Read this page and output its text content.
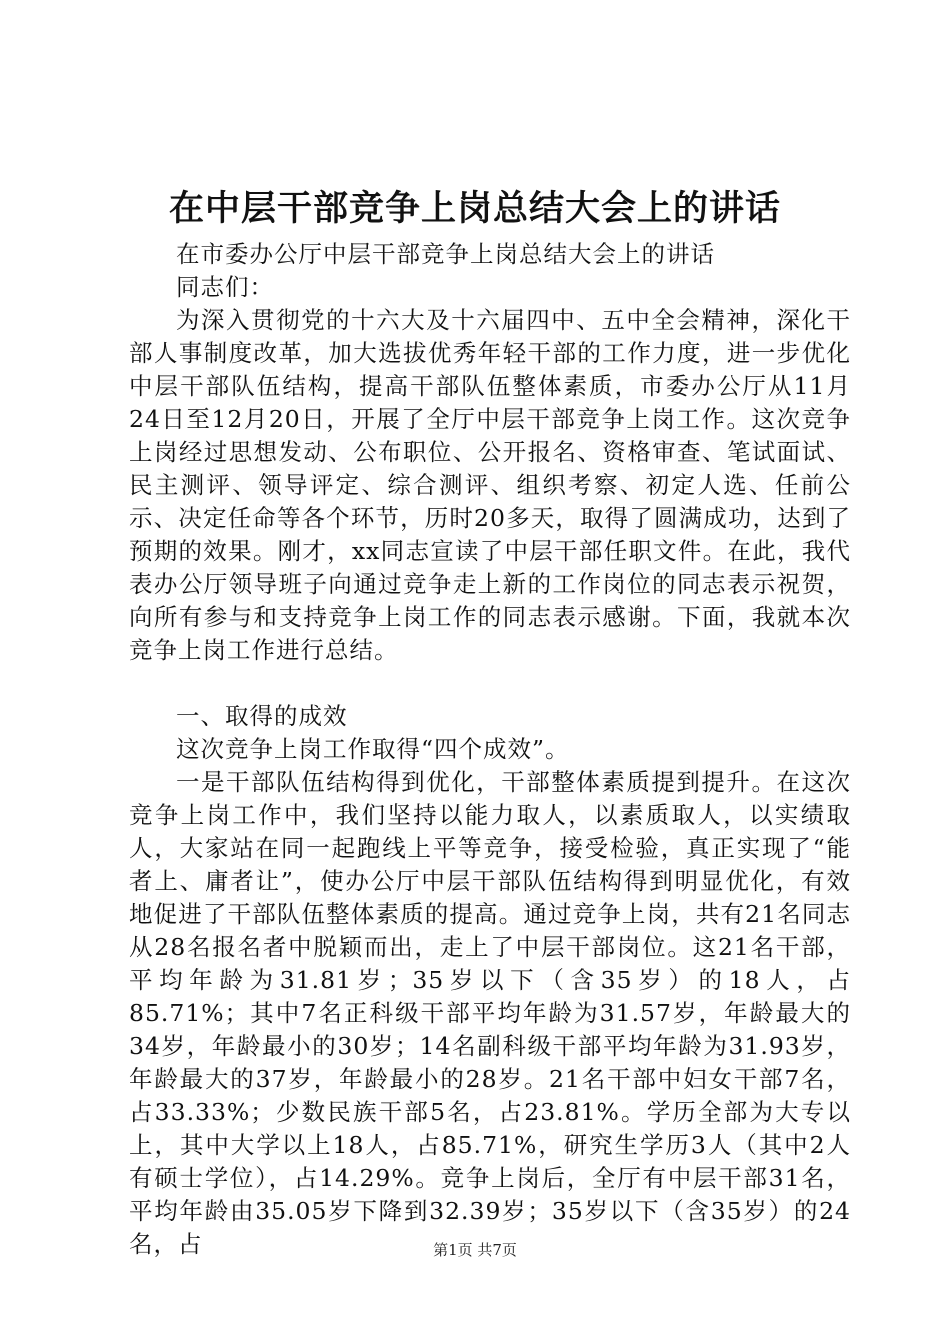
在中层干部竞争上岗总结大会上的讲话

在市委办公厅中层干部竞争上岗总结大会上的讲话

同志们：

为深入贯彻党的十六大及十六届四中、五中全会精神，深化干部人事制度改革，加大选拔优秀年轻干部的工作力度，进一步优化中层干部队伍结构，提高干部队伍整体素质，市委办公厅从11月24日至12月20日，开展了全厅中层干部竞争上岗工作。这次竞争上岗经过思想发动、公布职位、公开报名、资格审查、笔试面试、民主测评、领导评定、综合测评、组织考察、初定人选、任前公示、决定任命等各个环节，历时20多天，取得了圆满成功，达到了预期的效果。刚才，xx同志宣读了中层干部任职文件。在此，我代表办公厅领导班子向通过竞争走上新的工作岗位的同志表示祝贺，向所有参与和支持竞争上岗工作的同志表示感谢。下面，我就本次竞争上岗工作进行总结。

一、取得的成效

这次竞争上岗工作取得“四个成效”。

一是干部队伍结构得到优化，干部整体素质提到提升。在这次竞争上岗工作中，我们坚持以能力取人，以素质取人，以实绩取人，大家站在同一起跑线上平等竞争，接受检验，真正实现了“能者上、庸者让”，使办公厅中层干部队伍结构得到明显优化，有效地促进了干部队伍整体素质的提高。通过竞争上岗，共有21名同志从28名报名者中脱颖而出，走上了中层干部岗位。这21名干部，平均年龄为31.81岁；35岁以下（含35岁）的18人，占85.71%；其中7名正科级干部平均年龄为31.57岁，年龄最大的34岁，年龄最小的30岁；14名副科级干部平均年龄为31.93岁，年龄最大的37岁，年龄最小的28岁。21名干部中妇女干部7名，占33.33%；少数民族干部5名，占23.81%。学历全部为大专以上，其中大学以上18人，占85.71%，研究生学历3人（其中2人有硕士学位），占14.29%。竞争上岗后，全厅有中层干部31名，平均年龄由35.05岁下降到32.39岁；35岁以下（含35岁）的24名，占	第1页 共7页
